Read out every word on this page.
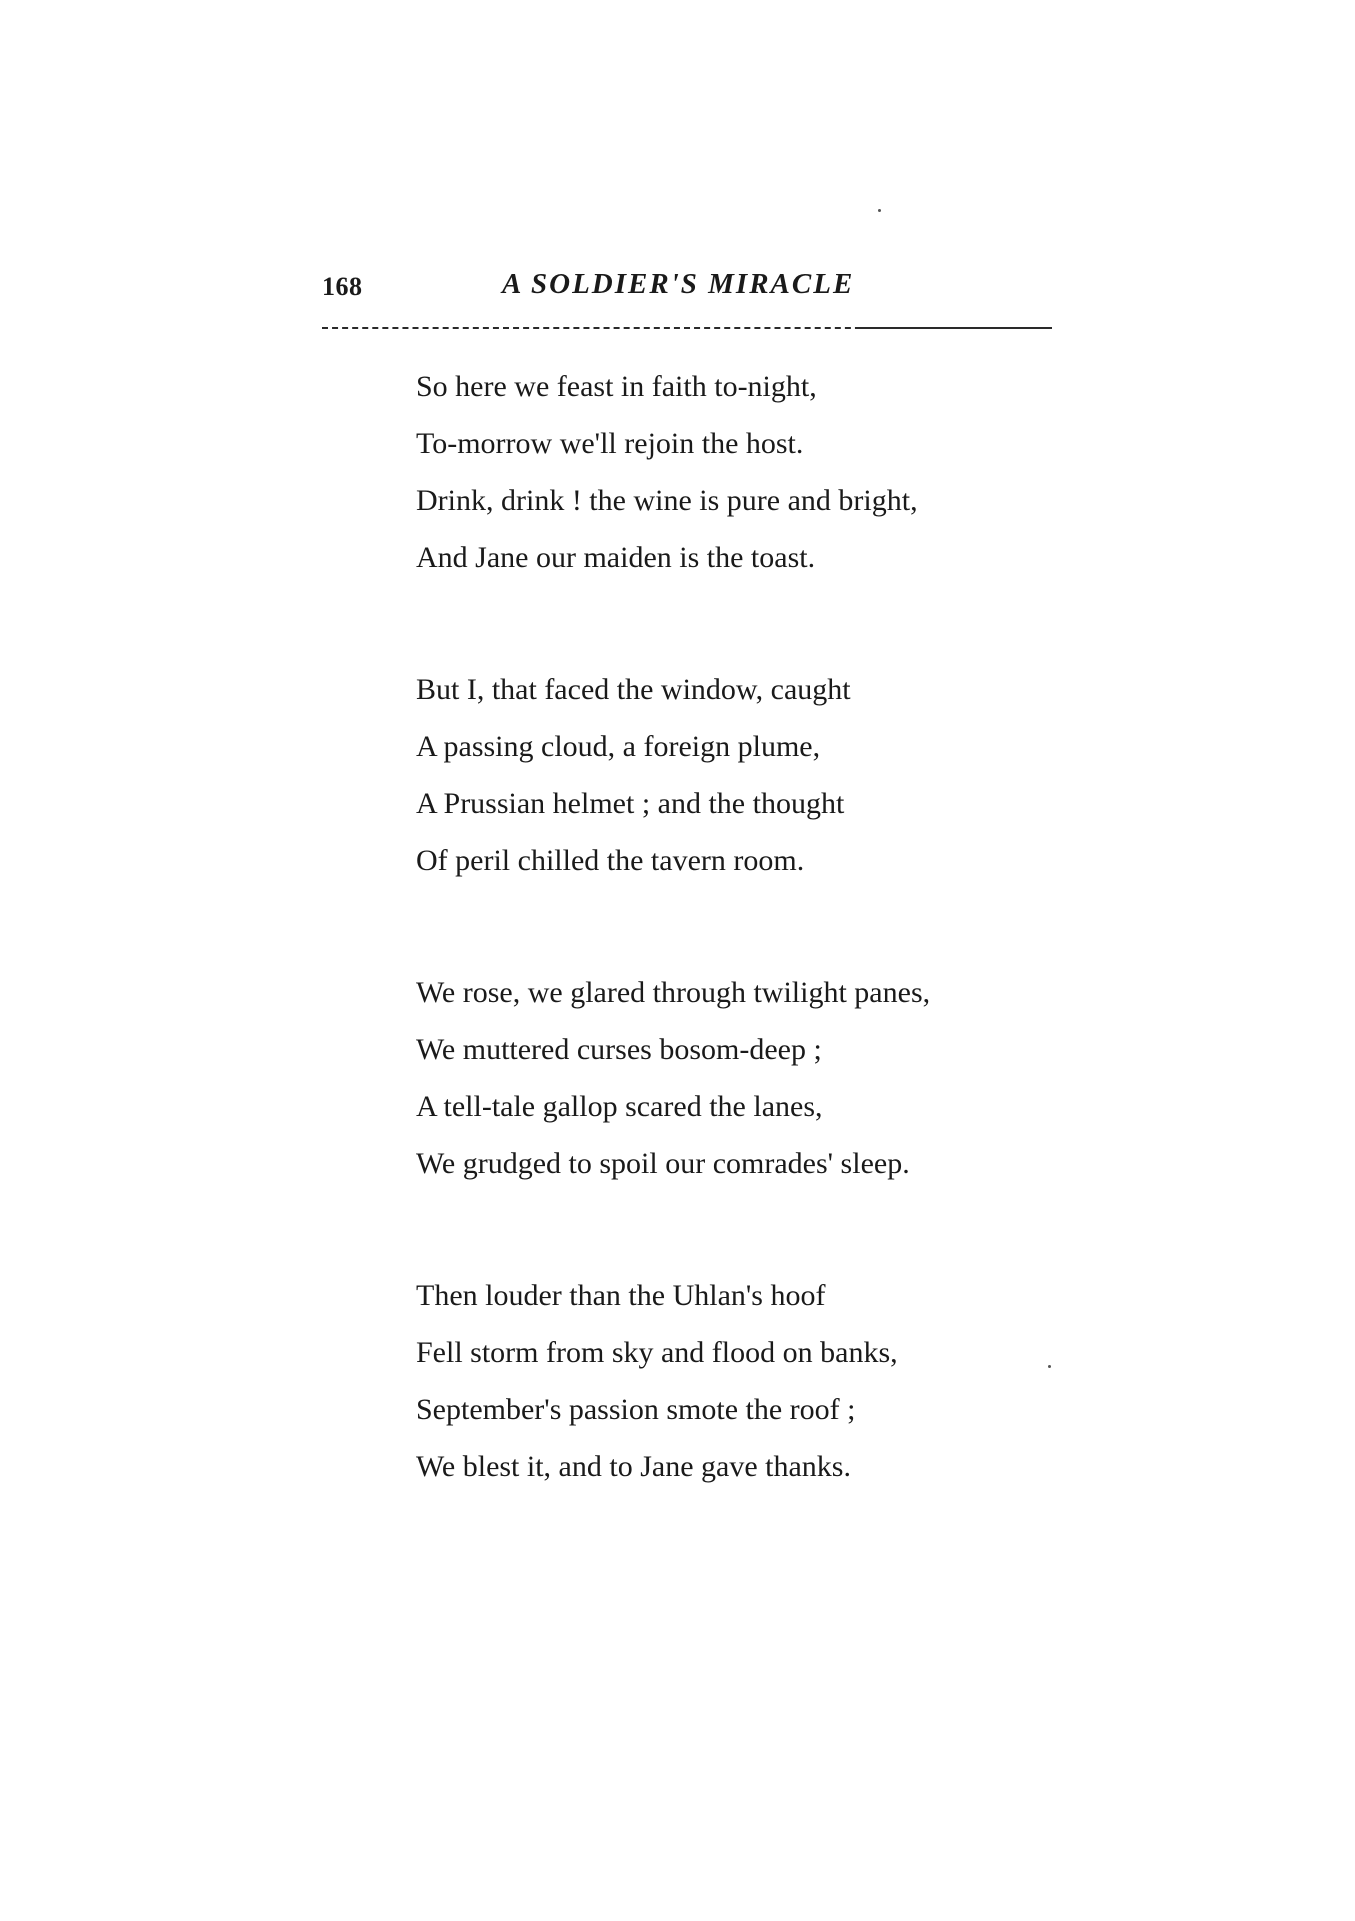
168	A SOLDIER'S MIRACLE
So here we feast in faith to-night,
To-morrow we'll rejoin the host.
Drink, drink ! the wine is pure and bright,
And Jane our maiden is the toast.
But I, that faced the window, caught
A passing cloud, a foreign plume,
A Prussian helmet ; and the thought
Of peril chilled the tavern room.
We rose, we glared through twilight panes,
We muttered curses bosom-deep ;
A tell-tale gallop scared the lanes,
We grudged to spoil our comrades' sleep.
Then louder than the Uhlan's hoof
Fell storm from sky and flood on banks,
September's passion smote the roof ;
We blest it, and to Jane gave thanks.
